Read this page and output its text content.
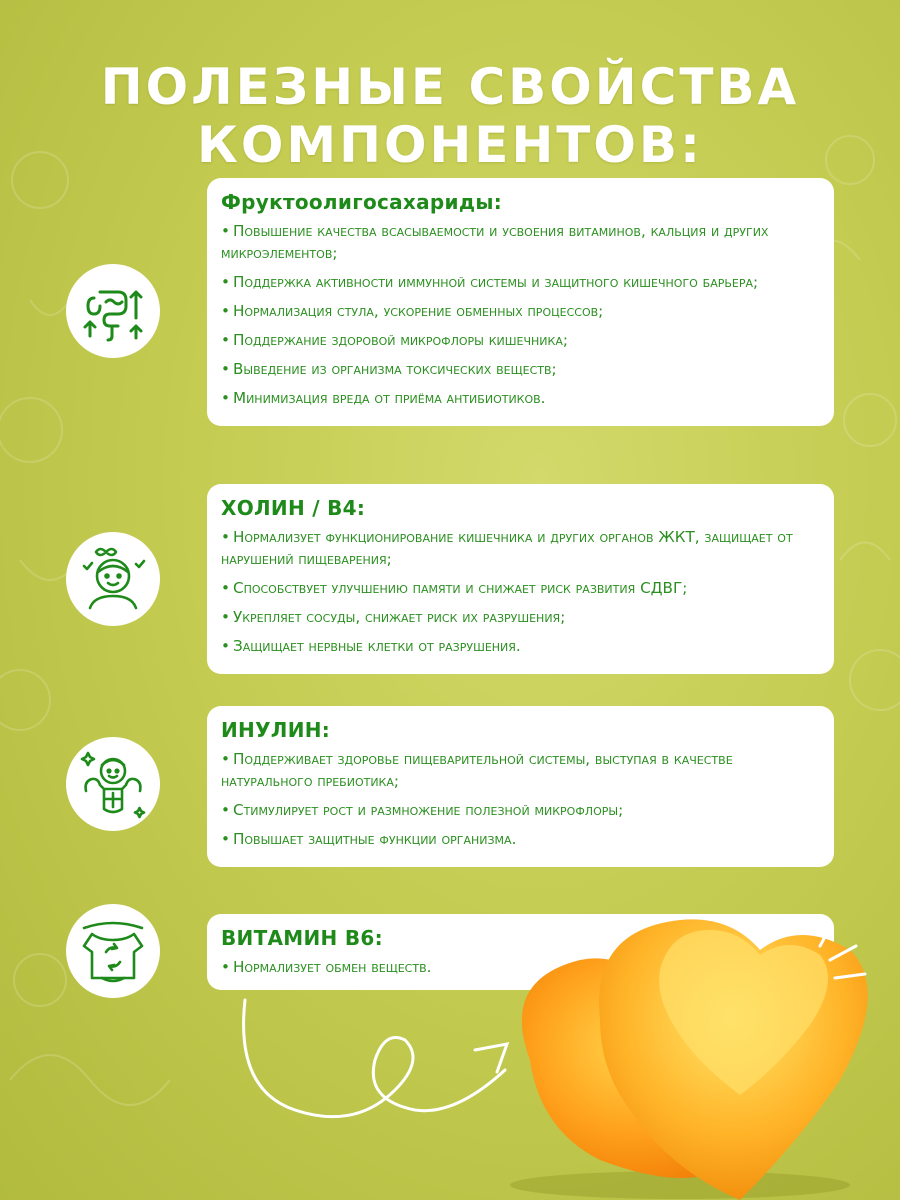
ПОЛЕЗНЫЕ СВОЙСТВА
КОМПОНЕНТОВ:
Фруктоолигосахариды:
• Повышение качества всасываемости и усвоения витаминов, кальция и других микроэлементов;
• Поддержка активности иммунной системы и защитного кишечного барьера;
• Нормализация стула, ускорение обменных процессов;
• Поддержание здоровой микрофлоры кишечника;
• Выведение из организма токсических веществ;
• Минимизация вреда от приёма антибиотиков.
ХОЛИН / В4:
• Нормализует функционирование кишечника и других органов ЖКТ, защищает от нарушений пищеварения;
• Способствует улучшению памяти и снижает риск развития СДВГ;
• Укрепляет сосуды, снижает риск их разрушения;
• Защищает нервные клетки от разрушения.
ИНУЛИН:
• Поддерживает здоровье пищеварительной системы, выступая в качестве натурального пребиотика;
• Стимулирует рост и размножение полезной микрофлоры;
• Повышает защитные функции организма.
ВИТАМИН В6:
• Нормализует обмен веществ.
